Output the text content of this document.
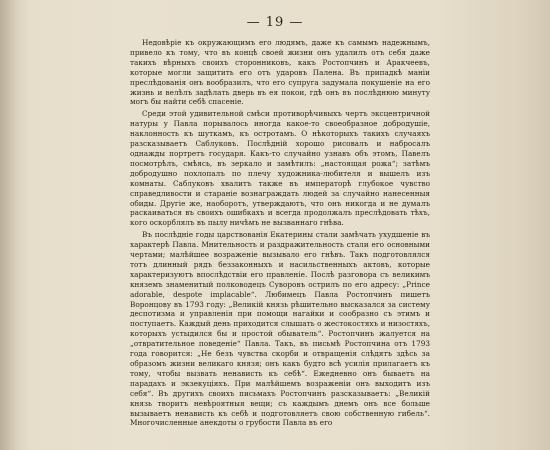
— 19 —

Недовѣріе къ окружающимъ его людямъ, даже къ самымъ надежнымъ, привело къ тому, что въ концѣ своей жизни онъ удалилъ отъ себя даже такихъ вѣрныхъ своихъ сторонниковъ, какъ Ростопчинъ и Аракчеевъ, которые могли защитить его отъ ударовъ Палена. Въ припадкѣ маніи преслѣдованія онъ вообразилъ, что его супруга задумала покушеніе на его жизнь и велѣлъ задѣлать дверь въ ея покои, гдѣ онъ въ послѣднюю минуту могъ бы найти себѣ спасеніе.

Среди этой удивительной смѣси противорѣчивыхъ чертъ эксцентричной натуры у Павла порывалось иногда какое-то своеобразное добродушіе, наклонность къ шуткамъ, къ остротамъ. О нѣкоторыхъ такихъ случаяхъ разсказываетъ Саблуковъ. Послѣдній хорошо рисовалъ и набросалъ однажды портретъ государя. Какъ-то случайно узнавъ объ этомъ, Павелъ посмотрѣлъ, смѣясь, въ зеркало и замѣтилъ: „настоящая рожа“; затѣмъ добродушно похлопалъ по плечу художника-любителя и вышелъ изъ комнаты. Саблуковъ хвалитъ также въ императорѣ глубокое чувство справедливости и стараніе вознаграждать людей за случайно нанесенныя обиды. Другіе же, наоборотъ, утверждаютъ, что онъ никогда и не думалъ раскаиваться въ своихъ ошибкахъ и всегда продолжалъ преслѣдовать тѣхъ, кого оскорблялъ въ пылу ничѣмъ не вызваннаго гнѣва.

Въ послѣдніе годы царствованія Екатерины стали замѣчать ухудшеніе въ характерѣ Павла. Мнительность и раздражительность стали его основными чертами; малѣйшее возраженіе вызывало его гнѣвъ. Такъ подготовлялся тотъ длинный рядъ беззаконныхъ и насильственныхъ актовъ, которые характеризуютъ впослѣдствіи его правленіе. Послѣ разговора съ великимъ княземъ знаменитый полководецъ Суворовъ острилъ по его адресу: „Prince adorable, despote implacable“. Любимецъ Павла Ростопчинъ пишетъ Воронцову въ 1793 году: „Великій князь рѣшительно высказался за систему деспотизма и управленія при помощи нагайки и сообразно съ этимъ и поступаетъ. Каждый день приходится слышать о жестокостяхъ и низостяхъ, которыхъ устыдился бы и простой обыватель“. Ростопчинъ жалуется на „отвратительное поведеніе“ Павла. Такъ, въ письмѣ Ростопчина отъ 1793 года говорится: „Не безъ чувства скорби и отвращенія слѣдятъ здѣсь за образомъ жизни великаго князя; онъ какъ будто всѣ усилія прилагаетъ къ тому, чтобы вызвать ненависть къ себѣ“. Ежедневно онъ бываетъ на парадахъ и экзекуціяхъ. При малѣйшемъ возраженіи онъ выходитъ изъ себя“. Въ другихъ своихъ письмахъ Ростопчинъ разсказываетъ: „Великій князь творитъ невѣроятныя вещи; съ каждымъ днемъ онъ все больше вызываетъ ненависть къ себѣ и подготовляетъ свою собственную гибель“. Многочисленные анекдоты о грубости Павла въ его
